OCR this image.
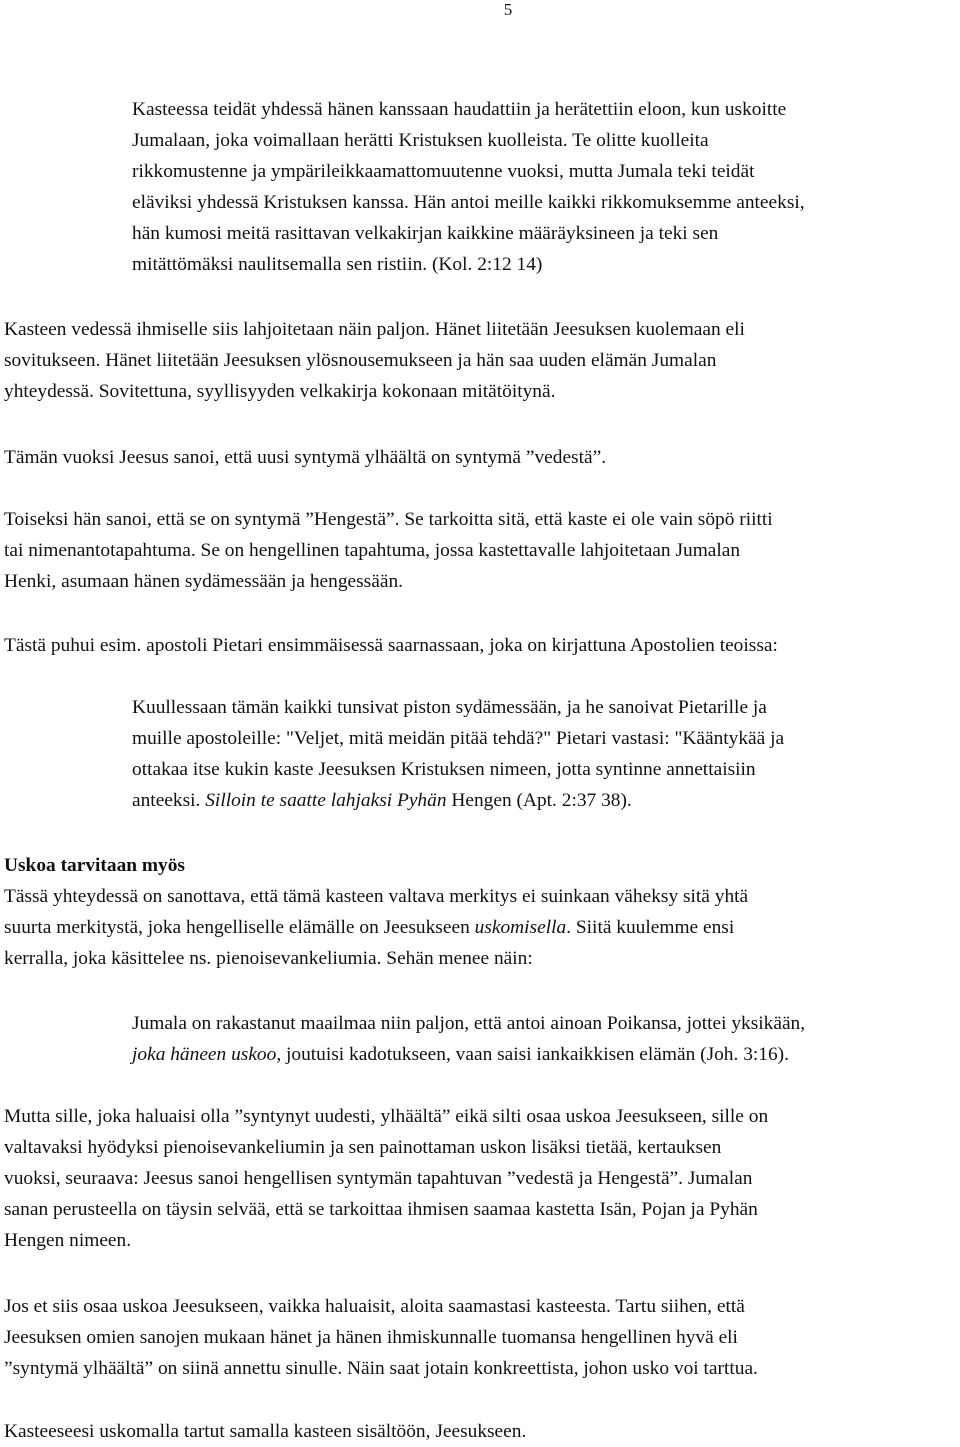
5
Kasteessa teidät yhdessä hänen kanssaan haudattiin ja herätettiin eloon, kun uskoitte
Jumalaan, joka voimallaan herätti Kristuksen kuolleista. Te olitte kuolleita
rikkomustenne ja ympärileikkaamattomuutenne vuoksi, mutta Jumala teki teidät
eläviksi yhdessä Kristuksen kanssa. Hän antoi meille kaikki rikkomuksemme anteeksi,
hän kumosi meitä rasittavan velkakirjan kaikkine määräyksineen ja teki sen
mitättömäksi naulitsemalla sen ristiin. (Kol. 2:12 14)
Kasteen vedessä ihmiselle siis lahjoitetaan näin paljon. Hänet liitetään Jeesuksen kuolemaan eli
sovitukseen. Hänet liitetään Jeesuksen ylösnousemukseen ja hän saa uuden elämän Jumalan
yhteydessä. Sovitettuna, syyllisyyden velkakirja kokonaan mitätöitynä.
Tämän vuoksi Jeesus sanoi, että uusi syntymä ylhäältä on syntymä ”vedestä”.
Toiseksi hän sanoi, että se on syntymä ”Hengestä”. Se tarkoitta sitä, että kaste ei ole vain söpö riitti
tai nimenantotapahtuma. Se on hengellinen tapahtuma, jossa kastettavalle lahjoitetaan Jumalan
Henki, asumaan hänen sydämessään ja hengessään.
Tästä puhui esim. apostoli Pietari ensimmäisessä saarnassaan, joka on kirjattuna Apostolien teoissa:
Kuullessaan tämän kaikki tunsivat piston sydämessään, ja he sanoivat Pietarille ja
muille apostoleille: "Veljet, mitä meidän pitää tehdä?" Pietari vastasi: "Kääntykää ja
ottakaa itse kukin kaste Jeesuksen Kristuksen nimeen, jotta syntinne annettaisiin
anteeksi. Silloin te saatte lahjaksi Pyhän Hengen (Apt. 2:37 38).
Uskoa tarvitaan myös
Tässä yhteydessä on sanottava, että tämä kasteen valtava merkitys ei suinkaan väheksy sitä yhtä
suurta merkitystä, joka hengelliselle elämälle on Jeesukseen uskomisella. Siitä kuulemme ensi
kerralla, joka käsittelee ns. pienoisevankeliumia. Sehän menee näin:
Jumala on rakastanut maailmaa niin paljon, että antoi ainoan Poikansa, jottei yksikään,
joka häneen uskoo, joutuisi kadotukseen, vaan saisi iankaikkisen elämän (Joh. 3:16).
Mutta sille, joka haluaisi olla ”syntynyt uudesti, ylhäältä” eikä silti osaa uskoa Jeesukseen, sille on
valtavaksi hyödyksi pienoisevankeliumin ja sen painottaman uskon lisäksi tietää, kertauksen
vuoksi, seuraava: Jeesus sanoi hengellisen syntymän tapahtuvan ”vedestä ja Hengestä”. Jumalan
sanan perusteella on täysin selvää, että se tarkoittaa ihmisen saamaa kastetta Isän, Pojan ja Pyhän
Hengen nimeen.
Jos et siis osaa uskoa Jeesukseen, vaikka haluaisit, aloita saamastasi kasteesta. Tartu siihen, että
Jeesuksen omien sanojen mukaan hänet ja hänen ihmiskunnalle tuomansa hengellinen hyvä eli
”syntymä ylhäältä” on siinä annettu sinulle. Näin saat jotain konkreettista, johon usko voi tarttua.
Kasteeseesi uskomalla tartut samalla kasteen sisältöön, Jeesukseen.
